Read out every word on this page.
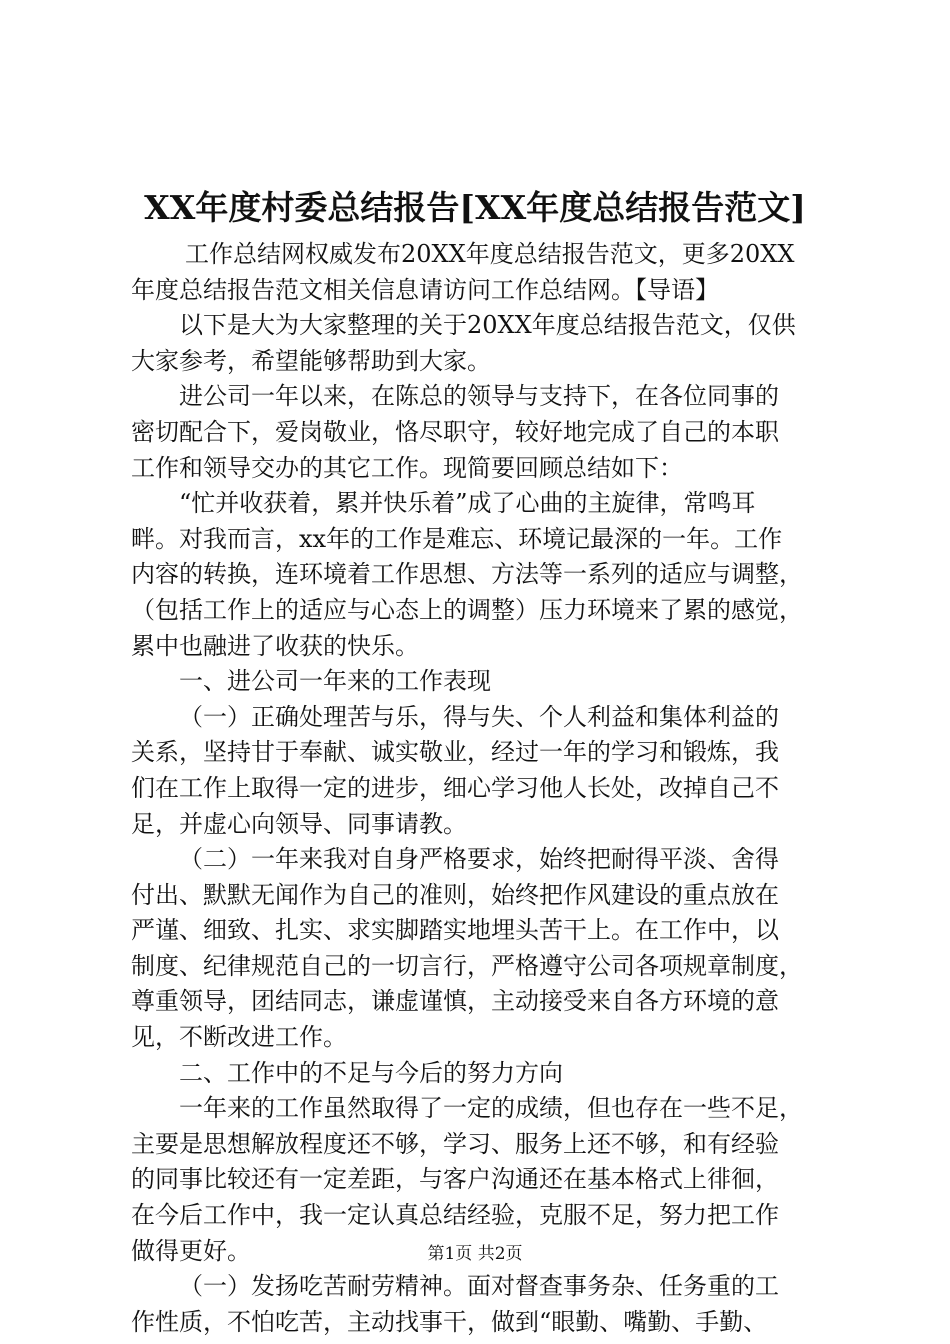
XX年度村委总结报告[XX年度总结报告范文]
工作总结网权威发布20XX年度总结报告范文，更多20XX
年度总结报告范文相关信息请访问工作总结网。【导语】
以下是大为大家整理的关于20XX年度总结报告范文，仅供
大家参考，希望能够帮助到大家。
进公司一年以来，在陈总的领导与支持下，在各位同事的
密切配合下，爱岗敬业，恪尽职守，较好地完成了自己的本职
工作和领导交办的其它工作。现简要回顾总结如下：
“忙并收获着，累并快乐着”成了心曲的主旋律，常鸣耳
畔。对我而言，xx年的工作是难忘、环境记最深的一年。工作
内容的转换，连环境着工作思想、方法等一系列的适应与调整，
（包括工作上的适应与心态上的调整）压力环境来了累的感觉，
累中也融进了收获的快乐。
一、进公司一年来的工作表现
（一）正确处理苦与乐，得与失、个人利益和集体利益的
关系，坚持甘于奉献、诚实敬业，经过一年的学习和锻炼，我
们在工作上取得一定的进步，细心学习他人长处，改掉自己不
足，并虚心向领导、同事请教。
（二）一年来我对自身严格要求，始终把耐得平淡、舍得
付出、默默无闻作为自己的准则，始终把作风建设的重点放在
严谨、细致、扎实、求实脚踏实地埋头苦干上。在工作中，以
制度、纪律规范自己的一切言行，严格遵守公司各项规章制度，
尊重领导，团结同志，谦虚谨慎，主动接受来自各方环境的意
见，不断改进工作。
二、工作中的不足与今后的努力方向
一年来的工作虽然取得了一定的成绩，但也存在一些不足，
主要是思想解放程度还不够，学习、服务上还不够，和有经验
的同事比较还有一定差距，与客户沟通还在基本格式上徘徊，
在今后工作中，我一定认真总结经验，克服不足，努力把工作
做得更好。
（一）发扬吃苦耐劳精神。面对督查事务杂、任务重的工
作性质，不怕吃苦，主动找事干，做到“眼勤、嘴勤、手勤、
第1页 共2页
